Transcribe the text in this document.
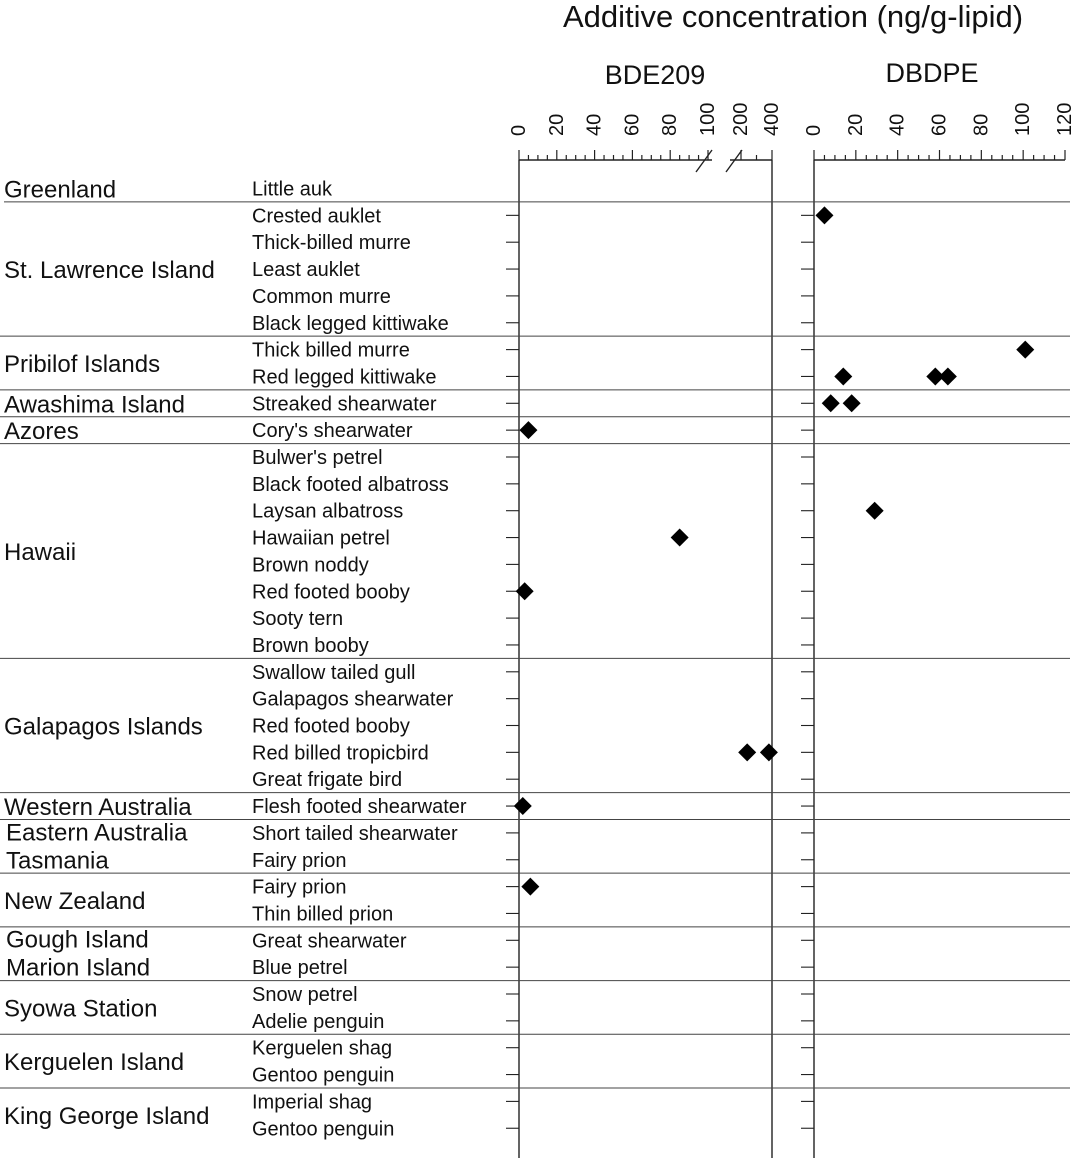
Additive concentration (ng/g-lipid)
BDE209	DBDPE
0 20 40 60 80 100 200 400 0 20 40 60 80 100 120
Little auk
Greenland
Crested auklet
Thick-billed murre
Least auklet
Common murre
Black legged kittiwake
St. Lawrence Island
Thick billed murre
Red legged kittiwake
Pribilof Islands
Streaked shearwater
Awashima Island
Cory's shearwater
Azores
Bulwer's petrel
Black footed albatross
Laysan albatross
Hawaiian petrel
Brown noddy
Red footed booby
Sooty tern
Brown booby
Hawaii
Swallow tailed gull
Galapagos shearwater
Red footed booby
Red billed tropicbird
Great frigate bird
Galapagos Islands
Flesh footed shearwater
Western Australia
Short tailed shearwater
Fairy prion
Eastern Australia
Tasmania
Fairy prion
Thin billed prion
New Zealand
Great shearwater
Blue petrel
Gough Island
Marion Island
Snow petrel
Adelie penguin
Syowa Station
Kerguelen shag
Gentoo penguin
Kerguelen Island
Imperial shag
Gentoo penguin
King George Island
